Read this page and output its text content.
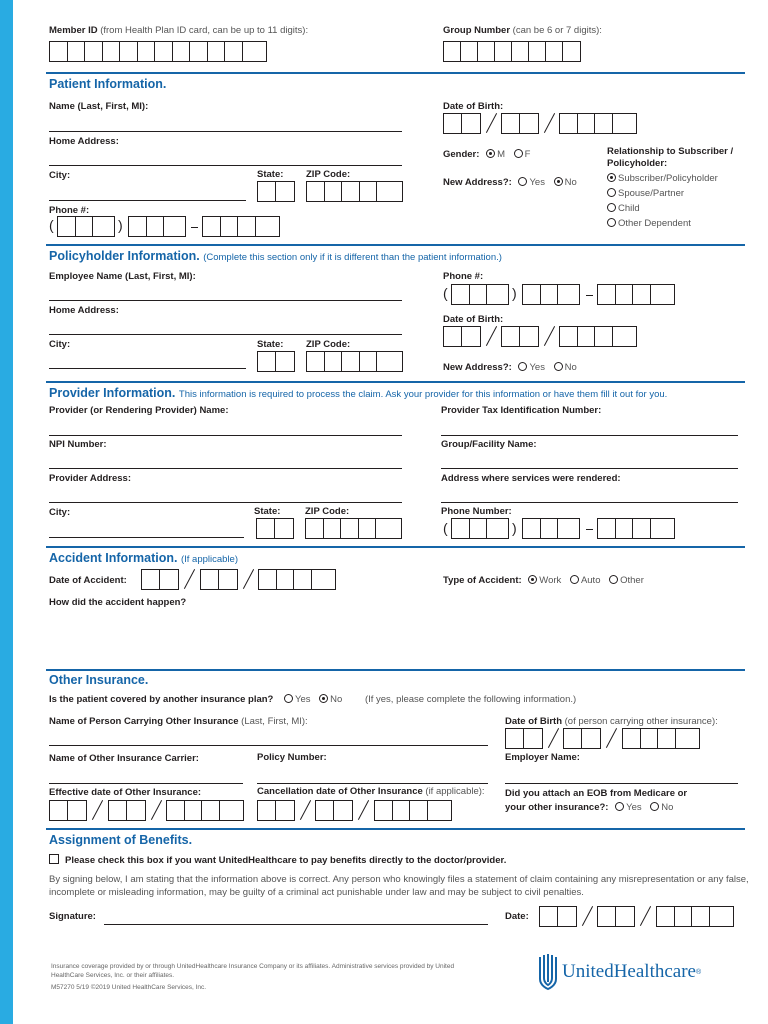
Member ID (from Health Plan ID card, can be up to 11 digits):	Group Number (can be 6 or 7 digits):
Patient Information.
Name (Last, First, MI):	Date of Birth:
Home Address:
Gender: M F	Relationship to Subscriber / Policyholder:
Subscriber/Policyholder
Spouse/Partner
Child
Other Dependent
City:	State: ZIP Code:
New Address?: Yes No
Phone #:
(	)
Policyholder Information. (Complete this section only if it is different than the patient information.)
Employee Name (Last, First, MI):	Phone #:
(	)
Home Address:
Date of Birth:
City:	State: ZIP Code:
New Address?: Yes No
Provider Information. This information is required to process the claim. Ask your provider for this information or have them fill it out for you.
Provider (or Rendering Provider) Name:	Provider Tax Identification Number:
NPI Number:	Group/Facility Name:
Provider Address:	Address where services were rendered:
City:	State:	ZIP Code:	Phone Number:
(	)
Accident Information. (If applicable)
Date of Accident:	Type of Accident: Work Auto Other
How did the accident happen?
Other Insurance.
Is the patient covered by another insurance plan? Yes No (If yes, please complete the following information.)
Name of Person Carrying Other Insurance (Last, First, MI):	Date of Birth (of person carrying other insurance):
Name of Other Insurance Carrier:	Policy Number:	Employer Name:
Effective date of Other Insurance:	Cancellation date of Other Insurance (if applicable): Did you attach an EOB from Medicare or
your other insurance?: Yes No
Assignment of Benefits.
Please check this box if you want UnitedHealthcare to pay benefits directly to the doctor/provider.
By signing below, I am stating that the information above is correct. Any person who knowingly files a statement of claim containing any misrepresentation or any false, incomplete or misleading information, may be guilty of a criminal act punishable under law and may be subject to civil penalties.
Signature:	Date:
Insurance coverage provided by or through UnitedHealthcare Insurance Company or its affiliates. Administrative services provided by United HealthCare Services, Inc. or their affiliates.
M57270 5/19 ©2019 United HealthCare Services, Inc.
UnitedHealthcare ®
